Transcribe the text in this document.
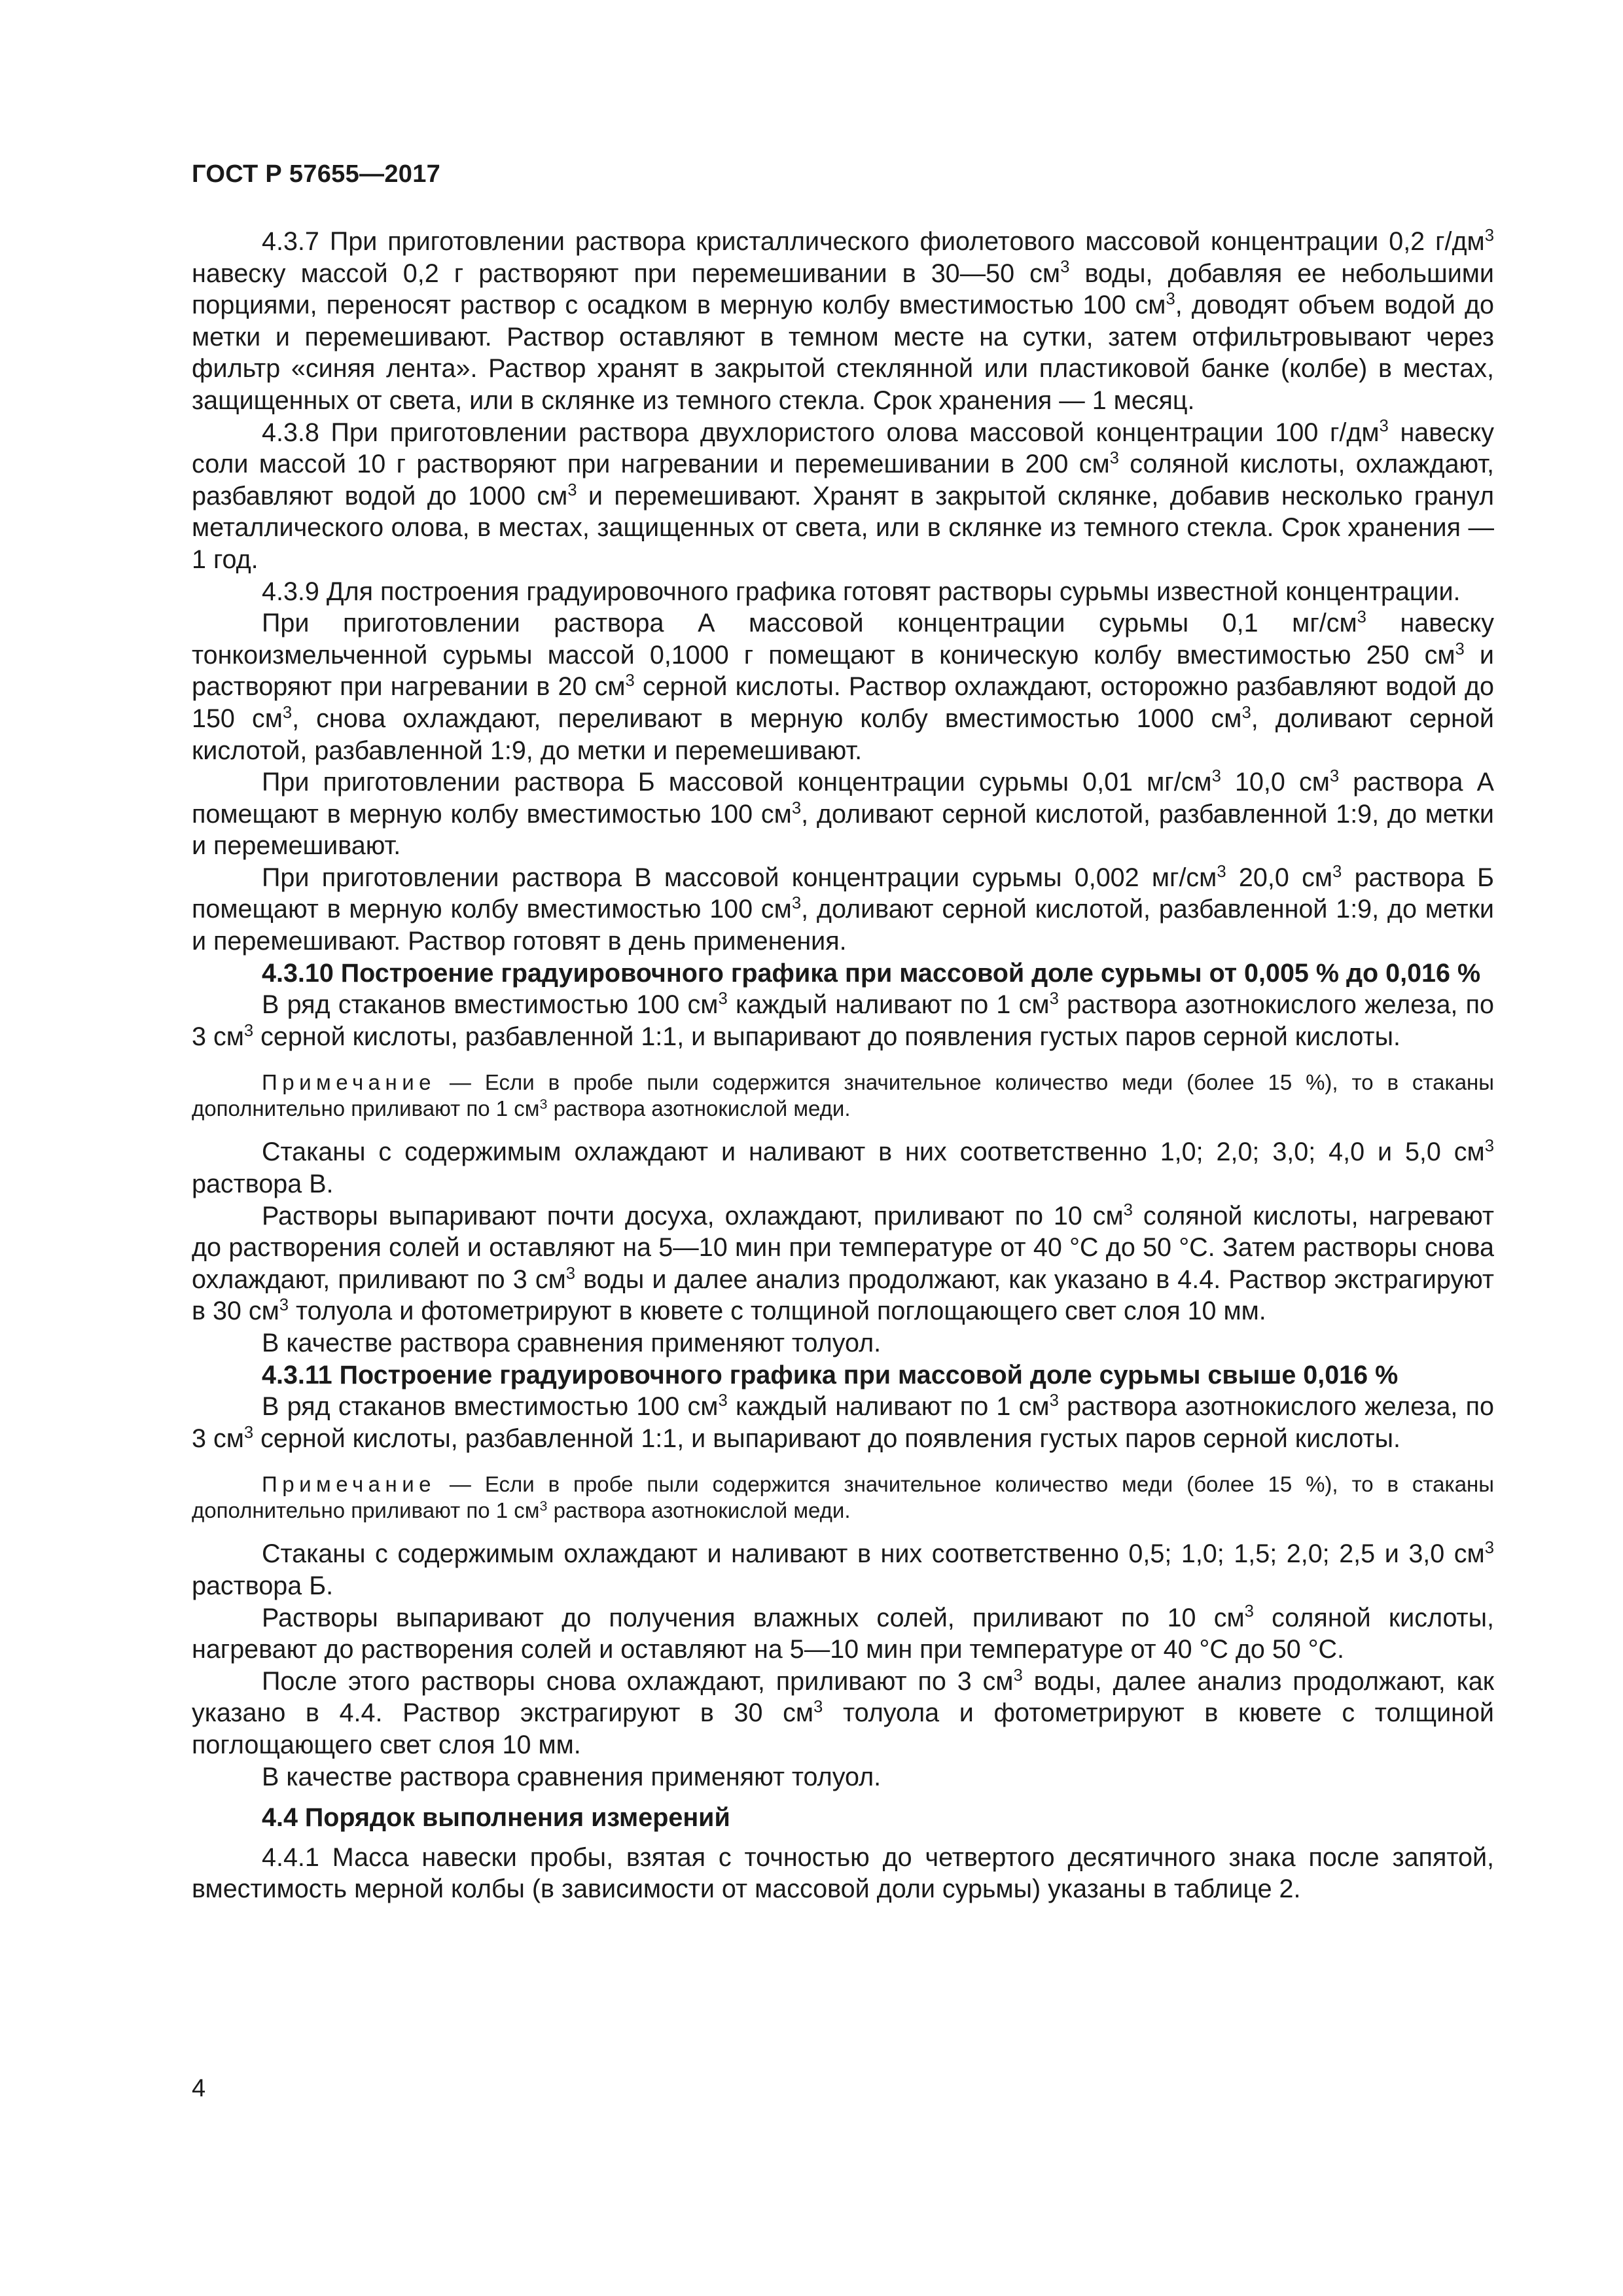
ГОСТ Р 57655—2017

4.3.7 При приготовлении раствора кристаллического фиолетового массовой концентрации 0,2 $г/дм^3$ навеску массой 0,2 г растворяют при перемешивании в 30—50 $см^3$ воды, добавляя ее небольшими порциями, переносят раствор с осадком в мерную колбу вместимостью 100 $см^3$, доводят объем водой до метки и перемешивают. Раствор оставляют в темном месте на сутки, затем отфильтровывают через фильтр «синяя лента». Раствор хранят в закрытой стеклянной или пластиковой банке (колбе) в местах, защищенных от света, или в склянке из темного стекла. Срок хранения — 1 месяц.

4.3.8 При приготовлении раствора двухлористого олова массовой концентрации 100 $г/дм^3$ навеску соли массой 10 г растворяют при нагревании и перемешивании в 200 $см^3$ соляной кислоты, охлаждают, разбавляют водой до 1000 $см^3$ и перемешивают. Хранят в закрытой склянке, добавив несколько гранул металлического олова, в местах, защищенных от света, или в склянке из темного стекла. Срок хранения — 1 год.

4.3.9 Для построения градуировочного графика готовят растворы сурьмы известной концентрации.

При приготовлении раствора А массовой концентрации сурьмы 0,1 $мг/см^3$ навеску тонкоизмельченной сурьмы массой 0,1000 г помещают в коническую колбу вместимостью 250 $см^3$ и растворяют при нагревании в 20 $см^3$ серной кислоты. Раствор охлаждают, осторожно разбавляют водой до 150 $см^3$, снова охлаждают, переливают в мерную колбу вместимостью 1000 $см^3$, доливают серной кислотой, разбавленной 1:9, до метки и перемешивают.

При приготовлении раствора Б массовой концентрации сурьмы 0,01 $мг/см^3$ 10,0 $см^3$ раствора А помещают в мерную колбу вместимостью 100 $см^3$, доливают серной кислотой, разбавленной 1:9, до метки и перемешивают.

При приготовлении раствора В массовой концентрации сурьмы 0,002 $мг/см^3$ 20,0 $см^3$ раствора Б помещают в мерную колбу вместимостью 100 $см^3$, доливают серной кислотой, разбавленной 1:9, до метки и перемешивают. Раствор готовят в день применения.

4.3.10 Построение градуировочного графика при массовой доле сурьмы от 0,005 % до 0,016 %

В ряд стаканов вместимостью 100 $см^3$ каждый наливают по 1 $см^3$ раствора азотнокислого железа, по 3 $см^3$ серной кислоты, разбавленной 1:1, и выпаривают до появления густых паров серной кислоты.

Примечание — Если в пробе пыли содержится значительное количество меди (более 15 %), то в стаканы дополнительно приливают по 1 $см^3$ раствора азотнокислой меди.

Стаканы с содержимым охлаждают и наливают в них соответственно 1,0; 2,0; 3,0; 4,0 и 5,0 $см^3$ раствора В.

Растворы выпаривают почти досуха, охлаждают, приливают по 10 $см^3$ соляной кислоты, нагревают до растворения солей и оставляют на 5—10 мин при температуре от 40 °С до 50 °С. Затем растворы снова охлаждают, приливают по 3 $см^3$ воды и далее анализ продолжают, как указано в 4.4. Раствор экстрагируют в 30 $см^3$ толуола и фотометрируют в кювете с толщиной поглощающего свет слоя 10 мм.

В качестве раствора сравнения применяют толуол.

4.3.11 Построение градуировочного графика при массовой доле сурьмы свыше 0,016 %

В ряд стаканов вместимостью 100 $см^3$ каждый наливают по 1 $см^3$ раствора азотнокислого железа, по 3 $см^3$ серной кислоты, разбавленной 1:1, и выпаривают до появления густых паров серной кислоты.

Примечание — Если в пробе пыли содержится значительное количество меди (более 15 %), то в стаканы дополнительно приливают по 1 $см^3$ раствора азотнокислой меди.

Стаканы с содержимым охлаждают и наливают в них соответственно 0,5; 1,0; 1,5; 2,0; 2,5 и 3,0 $см^3$ раствора Б.

Растворы выпаривают до получения влажных солей, приливают по 10 $см^3$ соляной кислоты, нагревают до растворения солей и оставляют на 5—10 мин при температуре от 40 °С до 50 °С.

После этого растворы снова охлаждают, приливают по 3 $см^3$ воды, далее анализ продолжают, как указано в 4.4. Раствор экстрагируют в 30 $см^3$ толуола и фотометрируют в кювете с толщиной поглощающего свет слоя 10 мм.

В качестве раствора сравнения применяют толуол.

4.4 Порядок выполнения измерений

4.4.1 Масса навески пробы, взятая с точностью до четвертого десятичного знака после запятой, вместимость мерной колбы (в зависимости от массовой доли сурьмы) указаны в таблице 2.

4
